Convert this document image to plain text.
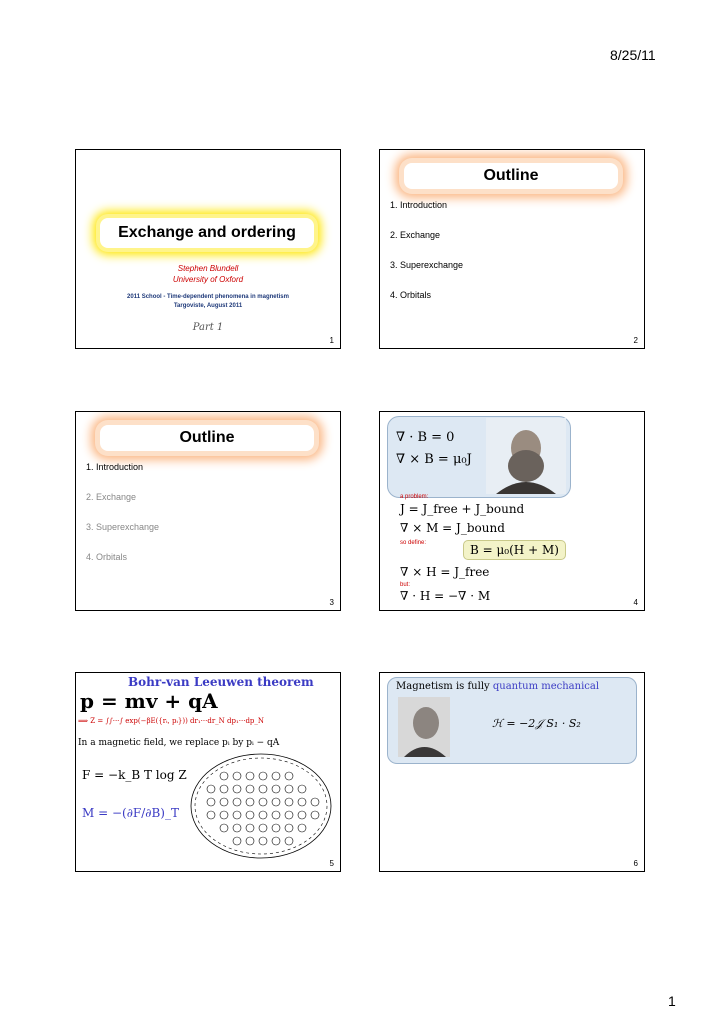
8/25/11
Exchange and ordering
Stephen Blundell
University of Oxford
2011 School - Time-dependent phenomena in magnetism
Targoviste, August 2011
Part 1
1
Outline
1. Introduction
2. Exchange
3. Superexchange
4. Orbitals
2
Outline
1. Introduction
2. Exchange
3. Superexchange
4. Orbitals
3
∇ · B = 0
∇ × B = μ₀J
a problem:
J = J_free + J_bound
∇ × M = J_bound
so define:	B = μ₀(H + M)
∇ × H = J_free
but:
∇ · H = −∇ · M	4
Bohr-van Leeuwen theorem
p = mv + qA
⟹ Z = ∫∫···∫ exp(−βE({rᵢ, pᵢ})) dr₁···dr_N dp₁···dp_N
In a magnetic field, we replace pᵢ by pᵢ − qA
F = −k_B T log Z
M = −(∂F/∂B)_T
5
Magnetism is fully quantum mechanical
ℋ = −2𝒥 S₁ · S₂
6
1
